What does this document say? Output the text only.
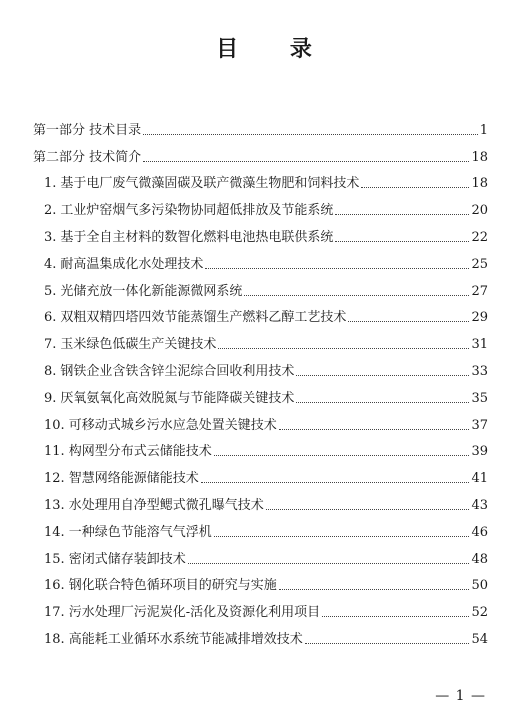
目 录
第一部分 技术目录	1
第二部分 技术简介	18
1. 基于电厂废气微藻固碳及联产微藻生物肥和饲料技术	18
2. 工业炉窑烟气多污染物协同超低排放及节能系统	20
3. 基于全自主材料的数智化燃料电池热电联供系统	22
4. 耐高温集成化水处理技术	25
5. 光储充放一体化新能源微网系统	27
6. 双粗双精四塔四效节能蒸馏生产燃料乙醇工艺技术	29
7. 玉米绿色低碳生产关键技术	31
8. 钢铁企业含铁含锌尘泥综合回收利用技术	33
9. 厌氧氨氧化高效脱氮与节能降碳关键技术	35
10. 可移动式城乡污水应急处置关键技术	37
11. 构网型分布式云储能技术	39
12. 智慧网络能源储能技术	41
13. 水处理用自净型鳃式微孔曝气技术	43
14. 一种绿色节能溶气气浮机	46
15. 密闭式储存装卸技术	48
16. 钢化联合特色循环项目的研究与实施	50
17. 污水处理厂污泥炭化-活化及资源化利用项目	52
18. 高能耗工业循环水系统节能减排增效技术	54
— 1 —
